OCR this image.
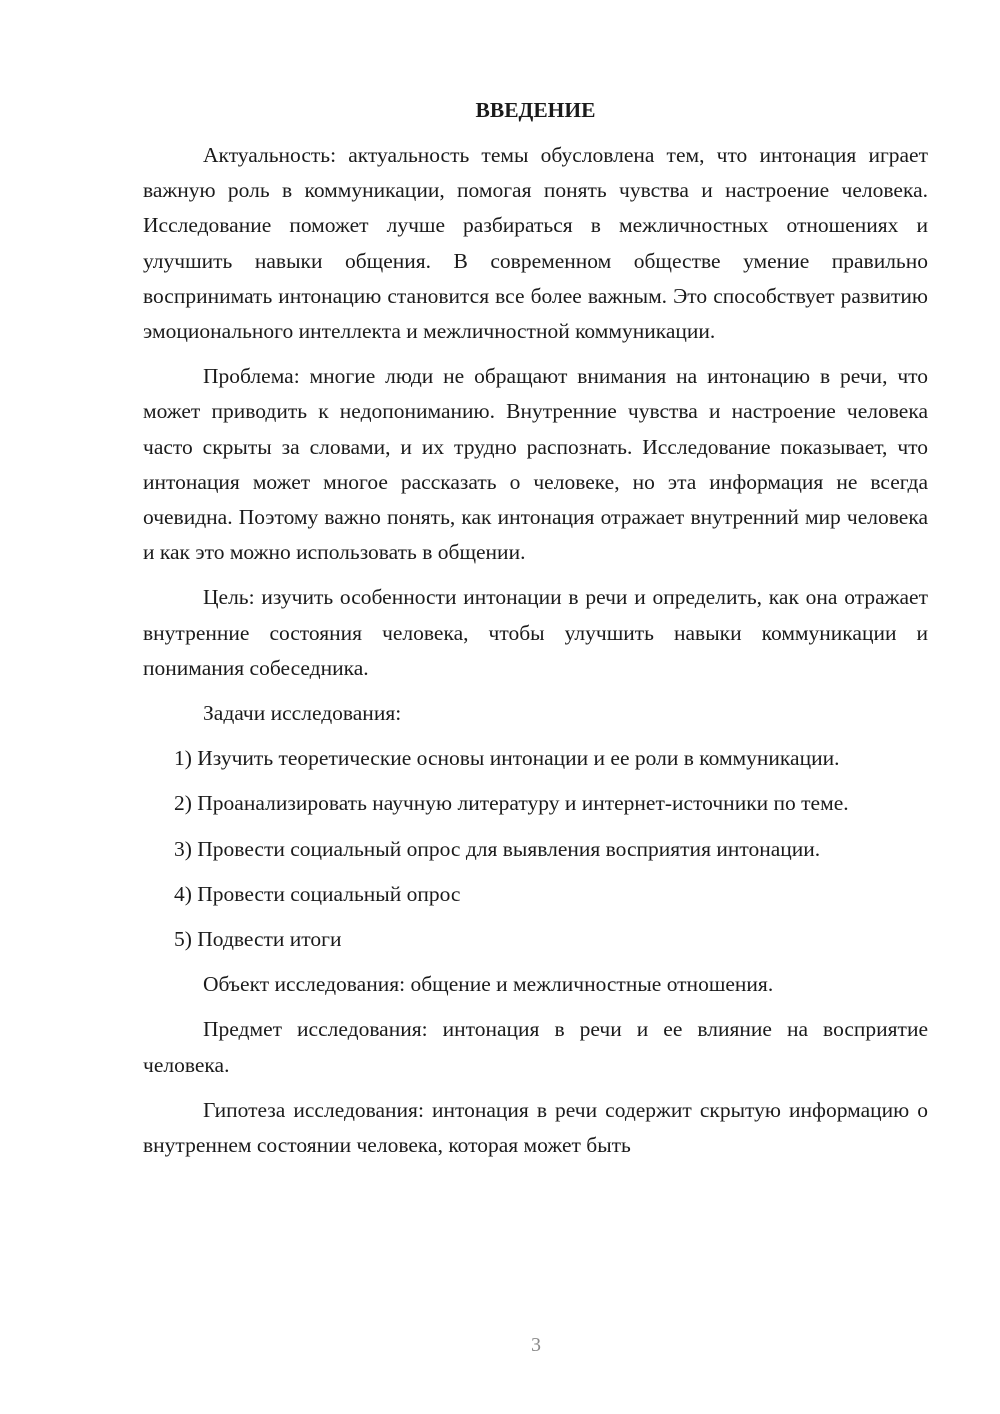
ВВЕДЕНИЕ

Актуальность: актуальность темы обусловлена тем, что интонация играет важную роль в коммуникации, помогая понять чувства и настроение человека. Исследование поможет лучше разбираться в межличностных отношениях и улучшить навыки общения. В современном обществе умение правильно воспринимать интонацию становится все более важным. Это способствует развитию эмоционального интеллекта и межличностной коммуникации.

Проблема: многие люди не обращают внимания на интонацию в речи, что может приводить к недопониманию. Внутренние чувства и настроение человека часто скрыты за словами, и их трудно распознать. Исследование показывает, что интонация может многое рассказать о человеке, но эта информация не всегда очевидна. Поэтому важно понять, как интонация отражает внутренний мир человека и как это можно использовать в общении.

Цель: изучить особенности интонации в речи и определить, как она отражает внутренние состояния человека, чтобы улучшить навыки коммуникации и понимания собеседника.

Задачи исследования:

1) Изучить теоретические основы интонации и ее роли в коммуникации.

2) Проанализировать научную литературу и интернет-источники по теме.

3) Провести социальный опрос для выявления восприятия интонации.

4) Провести социальный опрос

5) Подвести итоги

Объект исследования: общение и межличностные отношения.

Предмет исследования: интонация в речи и ее влияние на восприятие человека.

Гипотеза исследования: интонация в речи содержит скрытую информацию о внутреннем состоянии человека, которая может быть

3
